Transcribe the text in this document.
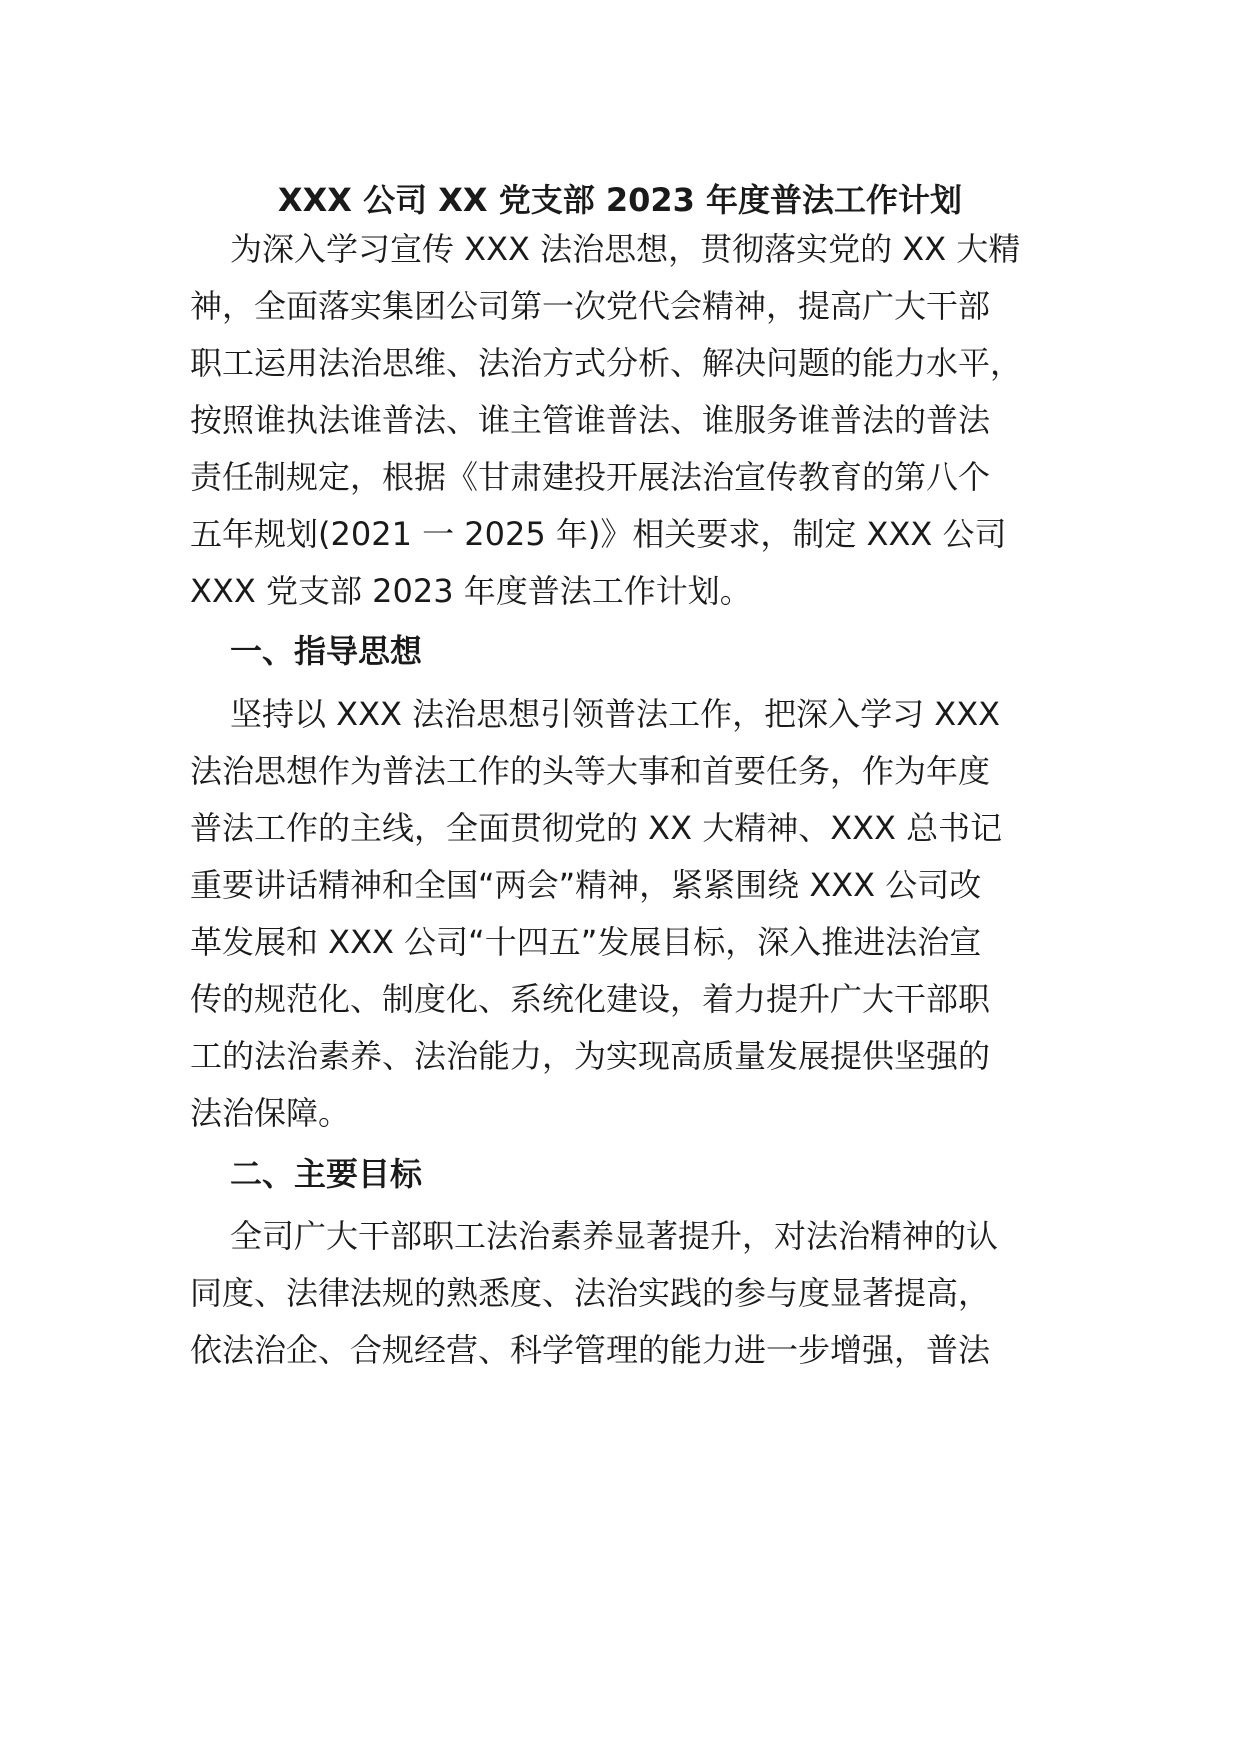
XXX 公司 XX 党支部 2023 年度普法工作计划

为深入学习宣传 XXX 法治思想，贯彻落实党的 XX 大精

神，全面落实集团公司第一次党代会精神，提高广大干部

职工运用法治思维、法治方式分析、解决问题的能力水平，

按照谁执法谁普法、谁主管谁普法、谁服务谁普法的普法

责任制规定，根据《甘肃建投开展法治宣传教育的第八个

五年规划(2021 一 2025 年)》相关要求，制定 XXX 公司

XXX 党支部 2023 年度普法工作计划。

一、指导思想

坚持以 XXX 法治思想引领普法工作，把深入学习 XXX

法治思想作为普法工作的头等大事和首要任务，作为年度

普法工作的主线，全面贯彻党的 XX 大精神、XXX 总书记

重要讲话精神和全国“两会”精神，紧紧围绕 XXX 公司改

革发展和 XXX 公司“十四五”发展目标，深入推进法治宣

传的规范化、制度化、系统化建设，着力提升广大干部职

工的法治素养、法治能力，为实现高质量发展提供坚强的

法治保障。

二、主要目标

全司广大干部职工法治素养显著提升，对法治精神的认

同度、法律法规的熟悉度、法治实践的参与度显著提高，

依法治企、合规经营、科学管理的能力进一步增强，普法
